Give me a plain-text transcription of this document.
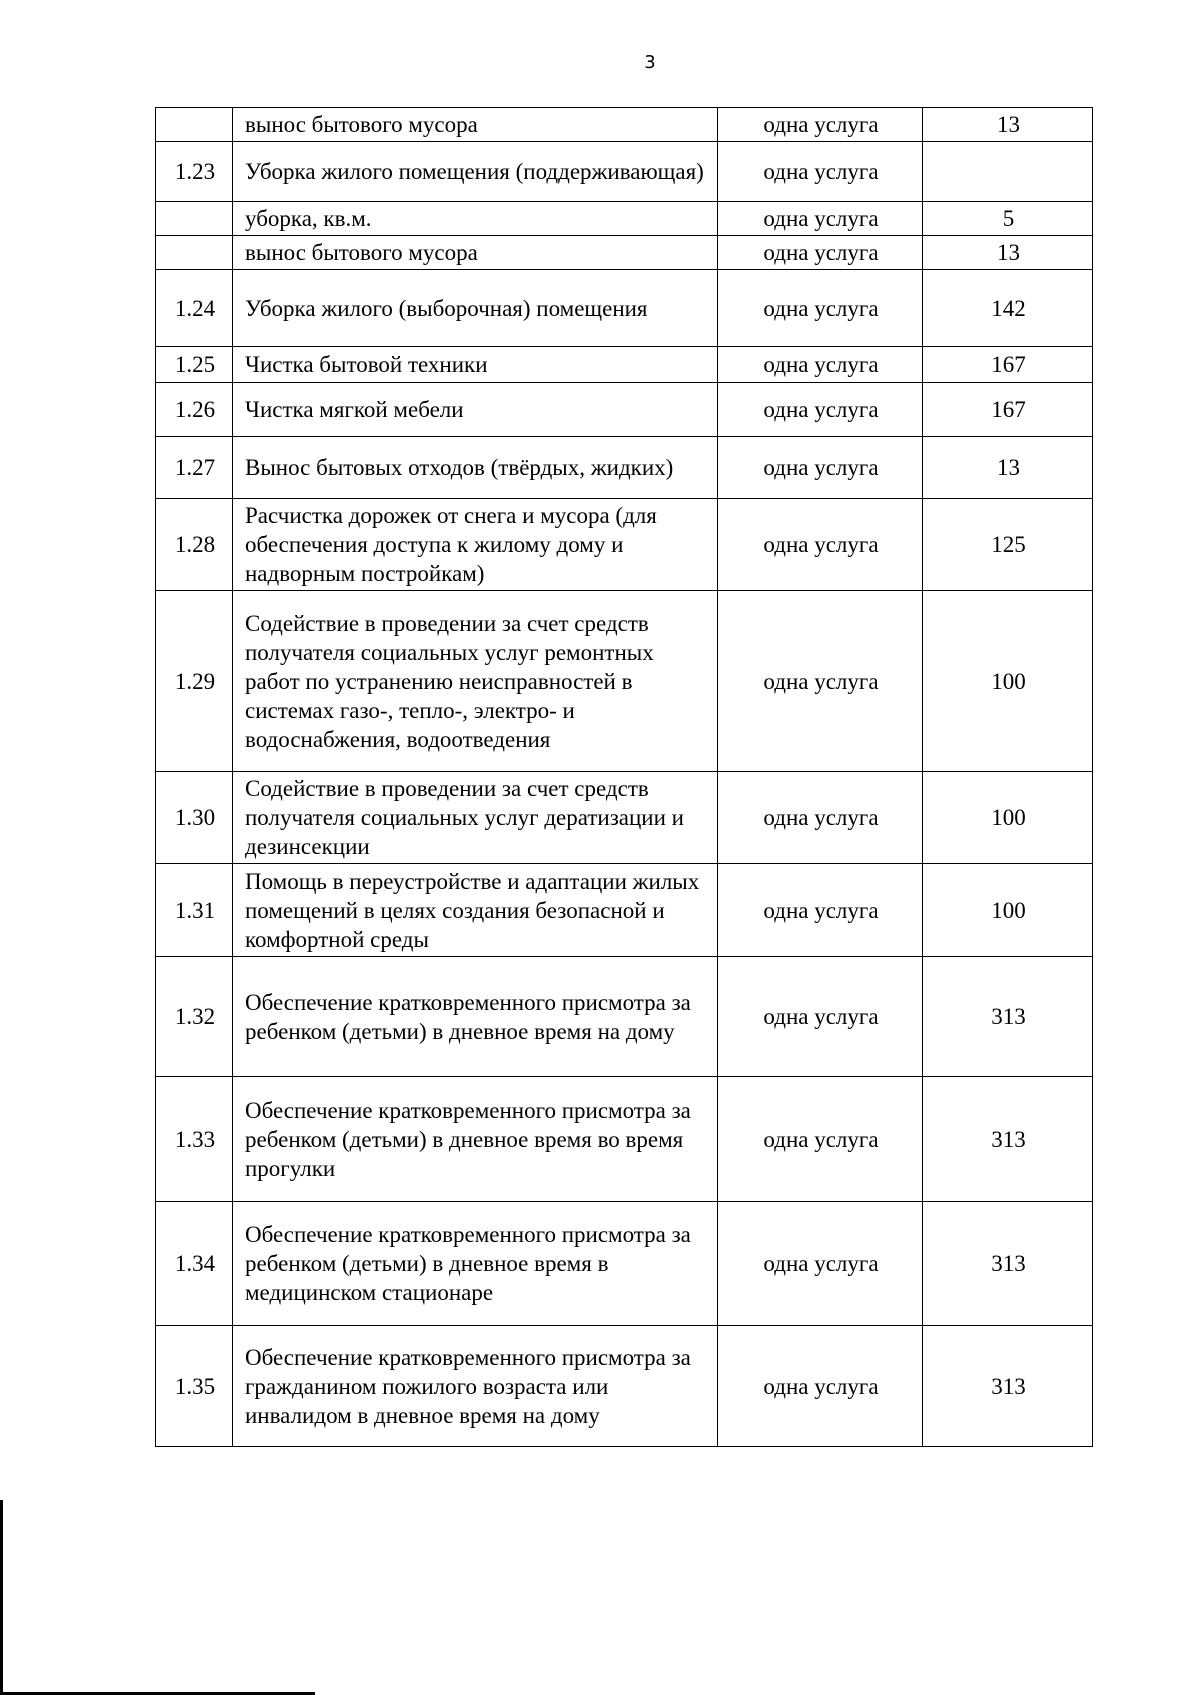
3
	вынос бытового мусора	одна услуга	13
1.23	Уборка жилого помещения (поддерживающая)	одна услуга	
	уборка, кв.м.	одна услуга	5
	вынос бытового мусора	одна услуга	13
1.24	Уборка жилого (выборочная) помещения	одна услуга	142
1.25	Чистка бытовой техники	одна услуга	167
1.26	Чистка мягкой мебели	одна услуга	167
1.27	Вынос бытовых отходов (твёрдых, жидких)	одна услуга	13
1.28	Расчистка дорожек от снега и мусора (для обеспечения доступа к жилому дому и надворным постройкам)	одна услуга	125
1.29	Содействие в проведении за счет средств получателя социальных услуг ремонтных работ по устранению неисправностей в системах газо-, тепло-, электро- и водоснабжения, водоотведения	одна услуга	100
1.30	Содействие в проведении за счет средств получателя социальных услуг дератизации и дезинсекции	одна услуга	100
1.31	Помощь в переустройстве и адаптации жилых помещений в целях создания безопасной и комфортной среды	одна услуга	100
1.32	Обеспечение кратковременного присмотра за ребенком (детьми) в дневное время на дому	одна услуга	313
1.33	Обеспечение кратковременного присмотра за ребенком (детьми) в дневное время во время прогулки	одна услуга	313
1.34	Обеспечение кратковременного присмотра за ребенком (детьми) в дневное время в медицинском стационаре	одна услуга	313
1.35	Обеспечение кратковременного присмотра за гражданином пожилого возраста или инвалидом в дневное время на дому	одна услуга	313
